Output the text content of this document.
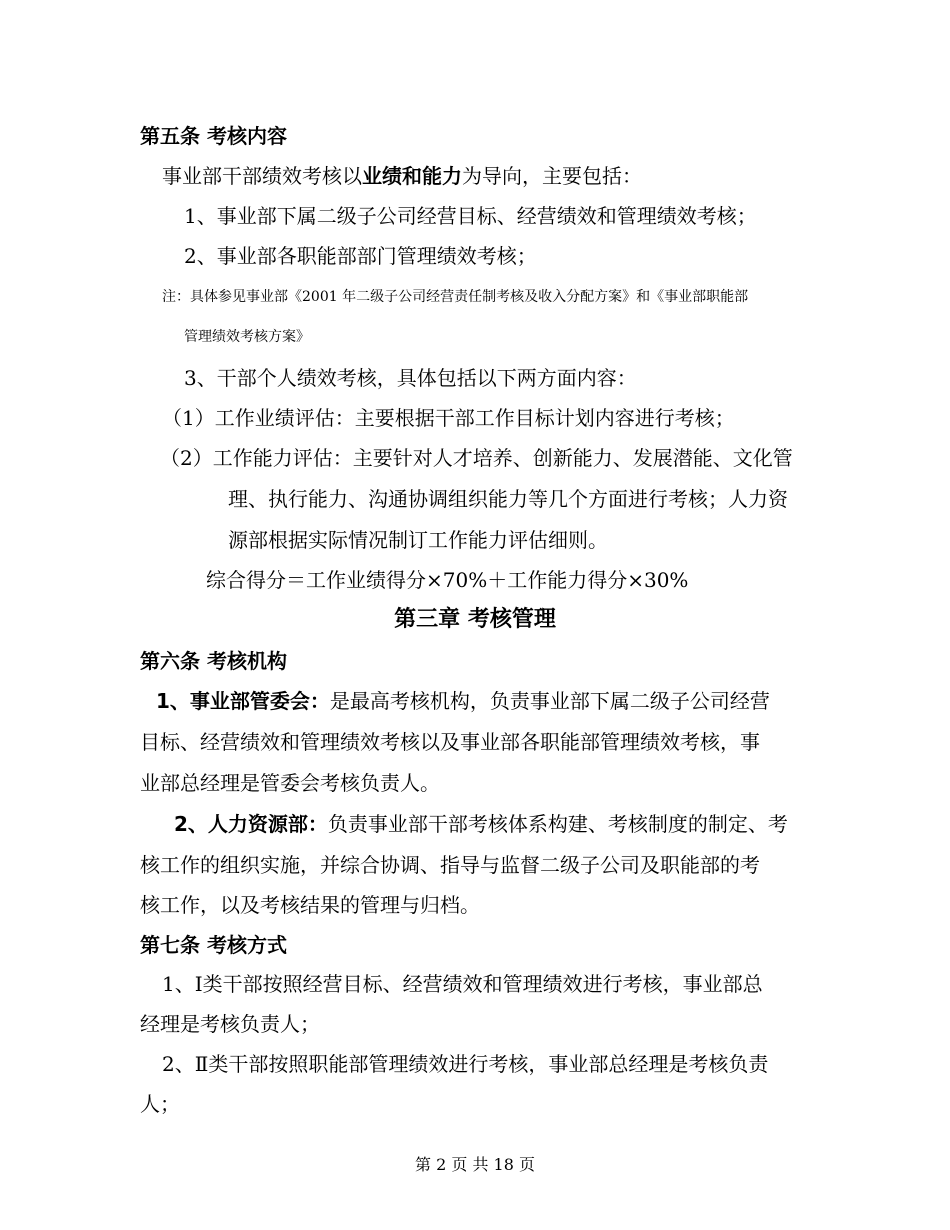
第五条 考核内容
事业部干部绩效考核以业绩和能力为导向，主要包括：
1、事业部下属二级子公司经营目标、经营绩效和管理绩效考核；
2、事业部各职能部部门管理绩效考核；
注：具体参见事业部《2001 年二级子公司经营责任制考核及收入分配方案》和《事业部职能部
管理绩效考核方案》
3、干部个人绩效考核，具体包括以下两方面内容：
（1）工作业绩评估：主要根据干部工作目标计划内容进行考核；
（2）工作能力评估：主要针对人才培养、创新能力、发展潜能、文化管
理、执行能力、沟通协调组织能力等几个方面进行考核；人力资
源部根据实际情况制订工作能力评估细则。
综合得分＝工作业绩得分×70%＋工作能力得分×30%
第三章 考核管理
第六条 考核机构
1、事业部管委会：是最高考核机构，负责事业部下属二级子公司经营
目标、经营绩效和管理绩效考核以及事业部各职能部管理绩效考核，事
业部总经理是管委会考核负责人。
2、人力资源部：负责事业部干部考核体系构建、考核制度的制定、考
核工作的组织实施，并综合协调、指导与监督二级子公司及职能部的考
核工作，以及考核结果的管理与归档。
第七条 考核方式
1、Ⅰ类干部按照经营目标、经营绩效和管理绩效进行考核，事业部总
经理是考核负责人；
2、Ⅱ类干部按照职能部管理绩效进行考核，事业部总经理是考核负责
人；
第 2 页 共 18 页
